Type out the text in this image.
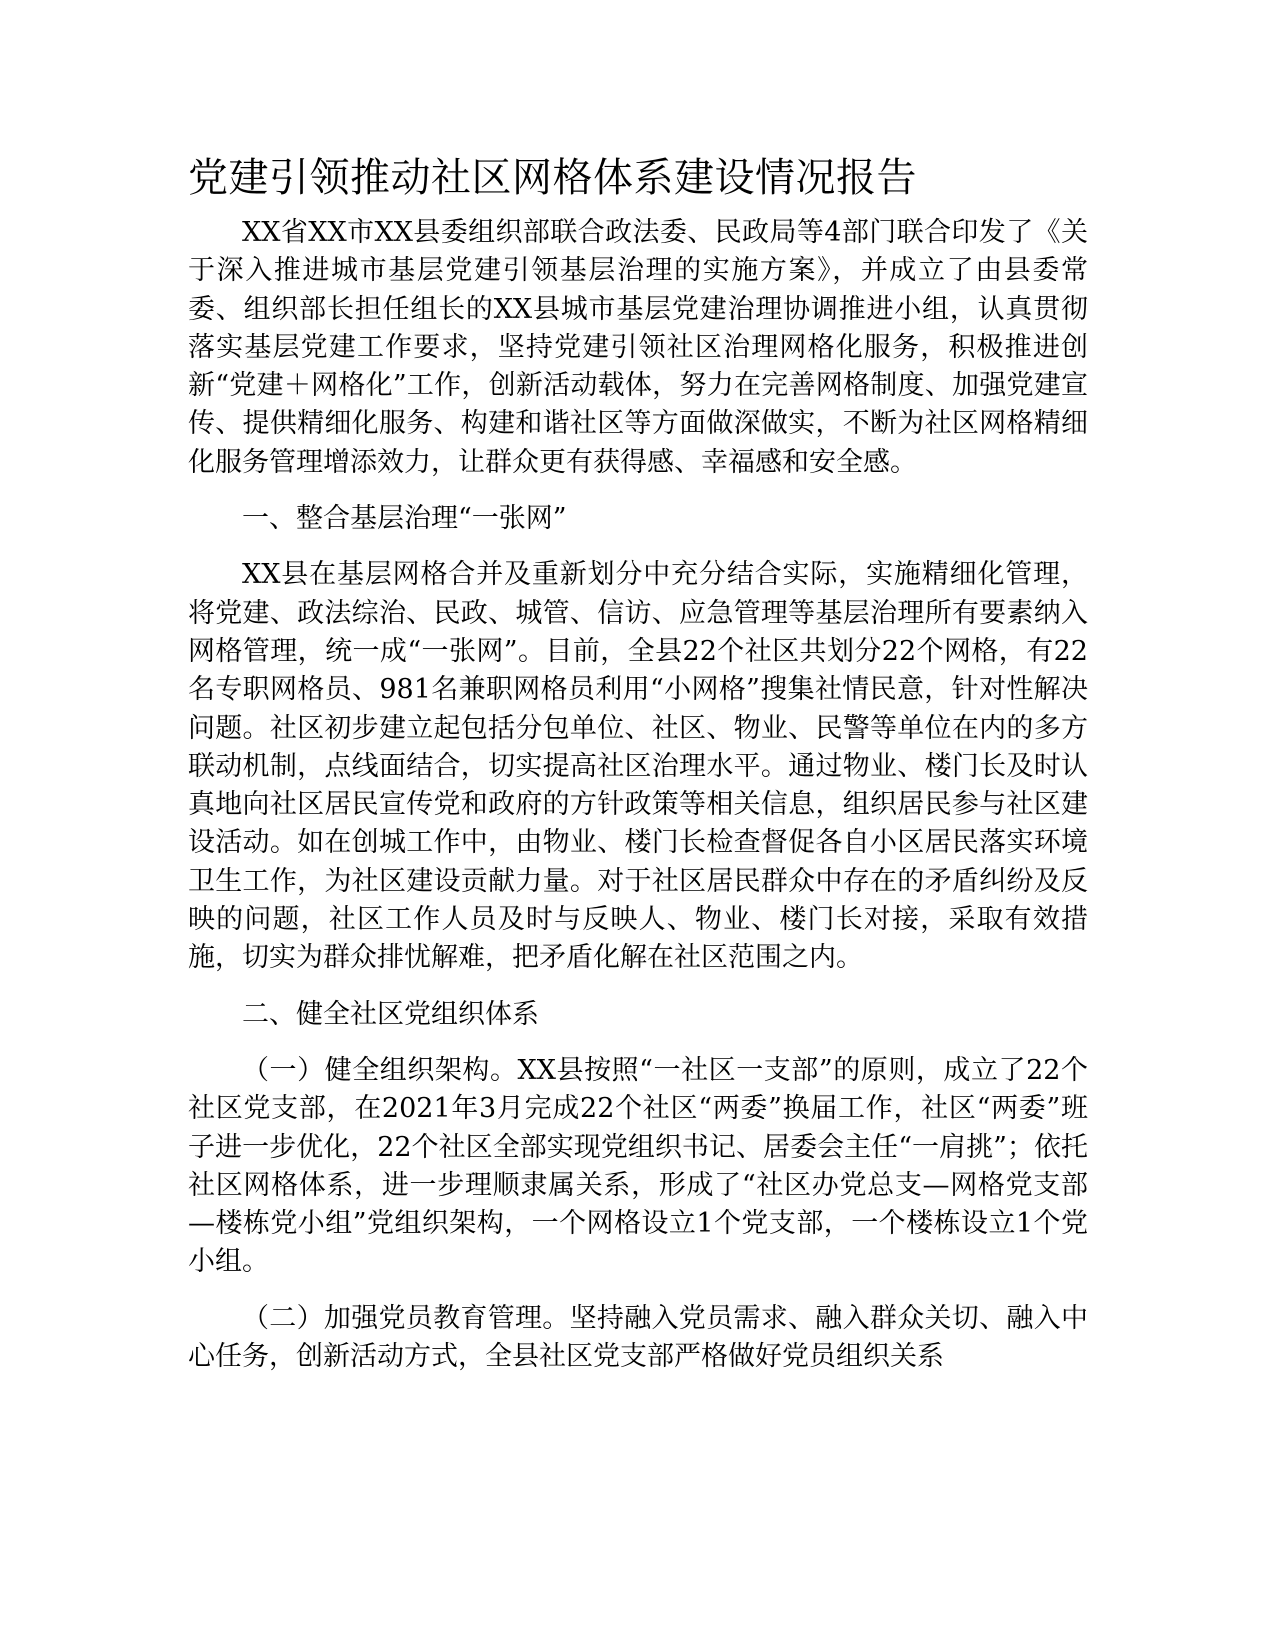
党建引领推动社区网格体系建设情况报告

XX省XX市XX县委组织部联合政法委、民政局等4部门联合印发了《关于深入推进城市基层党建引领基层治理的实施方案》，并成立了由县委常委、组织部长担任组长的XX县城市基层党建治理协调推进小组，认真贯彻落实基层党建工作要求，坚持党建引领社区治理网格化服务，积极推进创新“党建＋网格化”工作，创新活动载体，努力在完善网格制度、加强党建宣传、提供精细化服务、构建和谐社区等方面做深做实，不断为社区网格精细化服务管理增添效力，让群众更有获得感、幸福感和安全感。

一、整合基层治理“一张网”

XX县在基层网格合并及重新划分中充分结合实际，实施精细化管理，将党建、政法综治、民政、城管、信访、应急管理等基层治理所有要素纳入网格管理，统一成“一张网”。目前，全县22个社区共划分22个网格，有22名专职网格员、981名兼职网格员利用“小网格”搜集社情民意，针对性解决问题。社区初步建立起包括分包单位、社区、物业、民警等单位在内的多方联动机制，点线面结合，切实提高社区治理水平。通过物业、楼门长及时认真地向社区居民宣传党和政府的方针政策等相关信息，组织居民参与社区建设活动。如在创城工作中，由物业、楼门长检查督促各自小区居民落实环境卫生工作，为社区建设贡献力量。对于社区居民群众中存在的矛盾纠纷及反映的问题，社区工作人员及时与反映人、物业、楼门长对接，采取有效措施，切实为群众排忧解难，把矛盾化解在社区范围之内。

二、健全社区党组织体系

（一）健全组织架构。XX县按照“一社区一支部”的原则，成立了22个社区党支部，在2021年3月完成22个社区“两委”换届工作，社区“两委”班子进一步优化，22个社区全部实现党组织书记、居委会主任“一肩挑”；依托社区网格体系，进一步理顺隶属关系，形成了“社区办党总支—网格党支部—楼栋党小组”党组织架构，一个网格设立1个党支部，一个楼栋设立1个党小组。

（二）加强党员教育管理。坚持融入党员需求、融入群众关切、融入中心任务，创新活动方式，全县社区党支部严格做好党员组织关系
